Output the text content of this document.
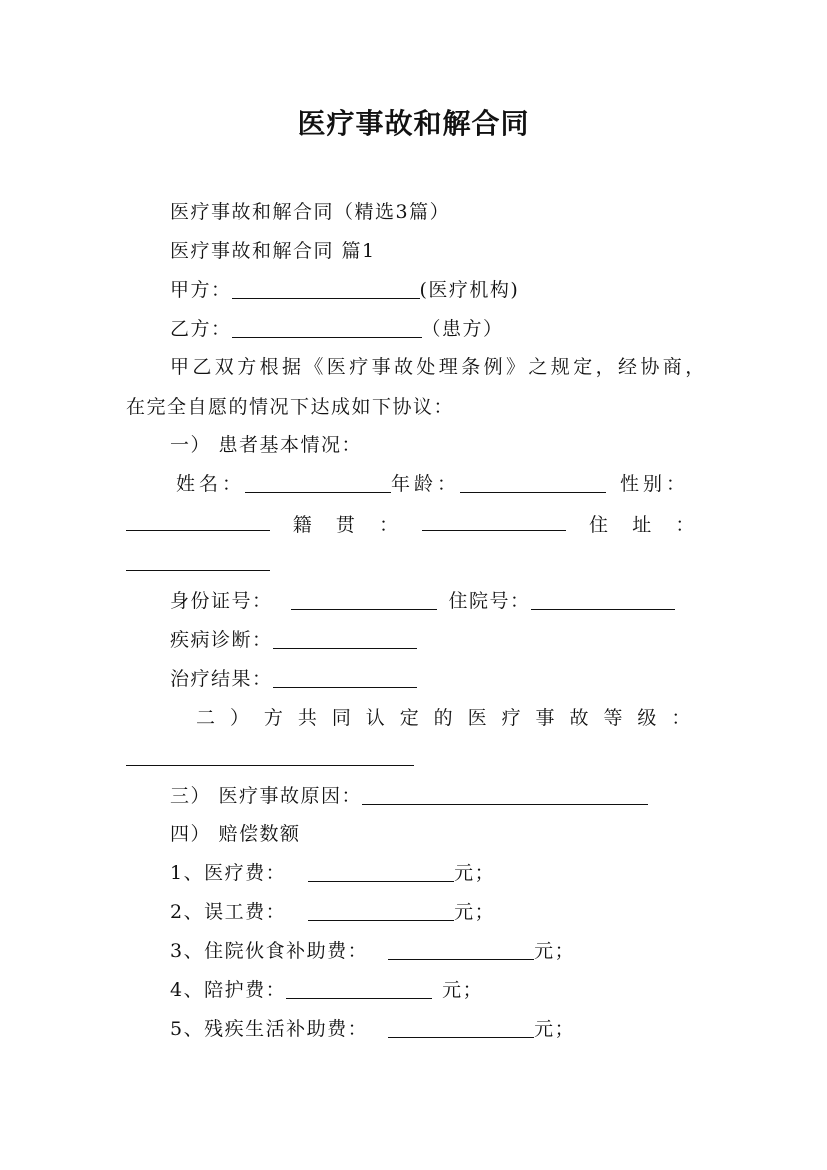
医疗事故和解合同
医疗事故和解合同（精选3篇）
医疗事故和解合同 篇1
甲方：	(医疗机构)
乙方：	（患方）
甲乙双方根据《医疗事故处理条例》之规定，经协商，
在完全自愿的情况下达成如下协议：
一） 患者基本情况：
姓名：	年龄：	性别：
籍 贯 ：	住 址 ：
身份证号：	住院号：
疾病诊断：
治疗结果：
二 ） 方 共 同 认 定 的 医 疗 事 故 等 级 ：
三） 医疗事故原因：
四） 赔偿数额
1、医疗费：	元；
2、误工费：	元；
3、住院伙食补助费：	元；
4、陪护费：	元；
5、残疾生活补助费：	元；
